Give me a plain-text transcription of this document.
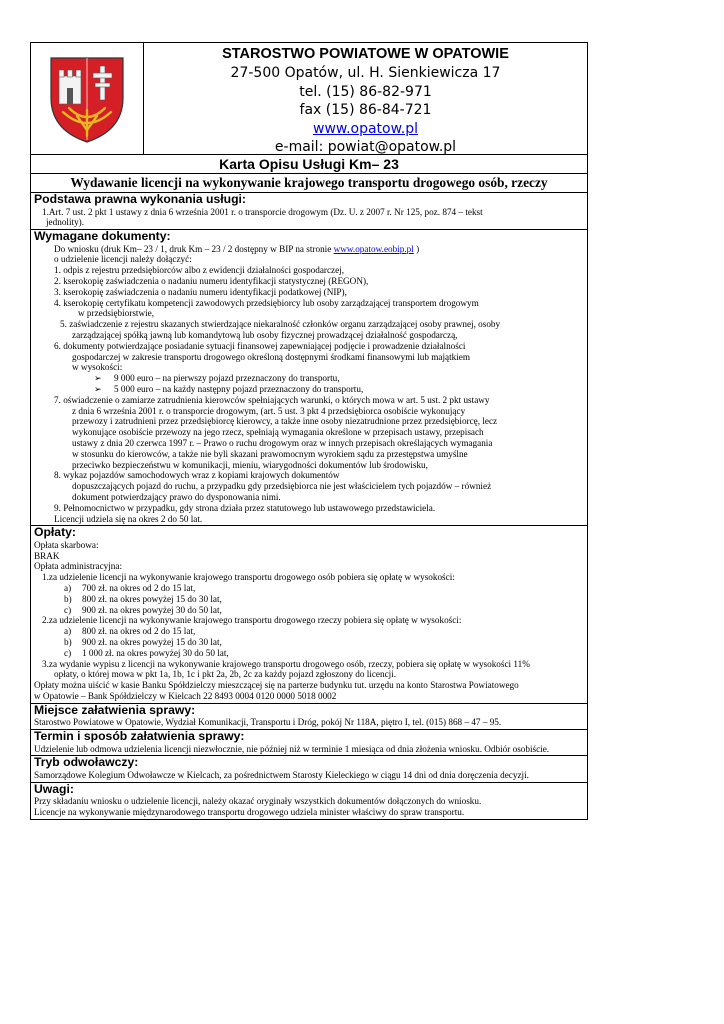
STAROSTWO POWIATOWE W OPATOWIE
27-500 Opatów, ul. H. Sienkiewicza 17
tel. (15) 86-82-971
fax (15) 86-84-721
www.opatow.pl
e-mail: powiat@opatow.pl
Karta Opisu Usługi Km– 23
Wydawanie licencji na wykonywanie krajowego transportu drogowego osób, rzeczy
Podstawa prawna wykonania usługi:

1.Art. 7 ust. 2 pkt 1 ustawy z dnia 6 września 2001 r. o transporcie drogowym (Dz. U. z 2007 r. Nr 125, poz. 874 – tekst

jednolity).

Wymagane dokumenty:

Do wniosku (druk Km– 23 / 1, druk Km – 23 / 2 dostępny w BIP na stronie www.opatow.eobip.pl )

o udzielenie licencji należy dołączyć:

1. odpis z rejestru przedsiębiorców albo z ewidencji działalności gospodarczej,

2. kserokopię zaświadczenia o nadaniu numeru identyfikacji statystycznej (REGON),

3. kserokopię zaświadczenia o nadaniu numeru identyfikacji podatkowej (NIP),

4. kserokopię certyfikatu kompetencji zawodowych przedsiębiorcy lub osoby zarządzającej transportem drogowym

w przedsiębiorstwie,

5. zaświadczenie z rejestru skazanych stwierdzające niekaralność członków organu zarządzającej osoby prawnej, osoby

zarządzającej spółką jawną lub komandytową lub osoby fizycznej prowadzącej działalność gospodarczą,

6. dokumenty potwierdzające posiadanie sytuacji finansowej zapewniającej podjęcie i prowadzenie działalności

gospodarczej w zakresie transportu drogowego określoną dostępnymi środkami finansowymi lub majątkiem

w wysokości:

➢ 9 000 euro – na pierwszy pojazd przeznaczony do transportu,

➢ 5 000 euro – na każdy następny pojazd przeznaczony do transportu,

7. oświadczenie o zamiarze zatrudnienia kierowców spełniających warunki, o których mowa w art. 5 ust. 2 pkt ustawy

z dnia 6 września 2001 r. o transporcie drogowym, (art. 5 ust. 3 pkt 4 przedsiębiorca osobiście wykonujący

przewozy i zatrudnieni przez przedsiębiorcę kierowcy, a także inne osoby niezatrudnione przez przedsiębiorcę, lecz

wykonujące osobiście przewozy na jego rzecz, spełniają wymagania określone w przepisach ustawy, przepisach

ustawy z dnia 20 czerwca 1997 r. – Prawo o ruchu drogowym oraz w innych przepisach określających wymagania

w stosunku do kierowców, a także nie byli skazani prawomocnym wyrokiem sądu za przestępstwa umyślne

przeciwko bezpieczeństwu w komunikacji, mieniu, wiarygodności dokumentów lub środowisku,

8. wykaz pojazdów samochodowych wraz z kopiami krajowych dokumentów

dopuszczających pojazd do ruchu, a przypadku gdy przedsiębiorca nie jest właścicielem tych pojazdów – również

dokument potwierdzający prawo do dysponowania nimi.

9. Pełnomocnictwo w przypadku, gdy strona działa przez statutowego lub ustawowego przedstawiciela.

Licencji udziela się na okres 2 do 50 lat.

Opłaty:

Opłata skarbowa:

BRAK

Opłata administracyjna:

1.za udzielenie licencji na wykonywanie krajowego transportu drogowego osób pobiera się opłatę w wysokości:

a) 700 zł. na okres od 2 do 15 lat,

b) 800 zł. na okres powyżej 15 do 30 lat,

c) 900 zł. na okres powyżej 30 do 50 lat,

2.za udzielenie licencji na wykonywanie krajowego transportu drogowego rzeczy pobiera się opłatę w wysokości:

a) 800 zł. na okres od 2 do 15 lat,

b) 900 zł. na okres powyżej 15 do 30 lat,

c) 1 000 zł. na okres powyżej 30 do 50 lat,

3.za wydanie wypisu z licencji na wykonywanie krajowego transportu drogowego osób, rzeczy, pobiera się opłatę w wysokości 11%

opłaty, o której mowa w pkt 1a, 1b, 1c i pkt 2a, 2b, 2c za każdy pojazd zgłoszony do licencji.

Opłaty można uiścić w kasie Banku Spółdzielczy mieszczącej się na parterze budynku tut. urzędu na konto Starostwa Powiatowego

w Opatowie – Bank Spółdzielczy w Kielcach 22 8493 0004 0120 0000 5018 0002

Miejsce załatwienia sprawy:

Starostwo Powiatowe w Opatowie, Wydział Komunikacji, Transportu i Dróg, pokój Nr 118A, piętro I, tel. (015) 868 – 47 – 95.

Termin i sposób załatwienia sprawy:

Udzielenie lub odmowa udzielenia licencji niezwłocznie, nie później niż w terminie 1 miesiąca od dnia złożenia wniosku. Odbiór osobiście.

Tryb odwoławczy:

Samorządowe Kolegium Odwoławcze w Kielcach, za pośrednictwem Starosty Kieleckiego w ciągu 14 dni od dnia doręczenia decyzji.

Uwagi:

Przy składaniu wniosku o udzielenie licencji, należy okazać oryginały wszystkich dokumentów dołączonych do wniosku.

Licencje na wykonywanie międzynarodowego transportu drogowego udziela minister właściwy do spraw transportu.
